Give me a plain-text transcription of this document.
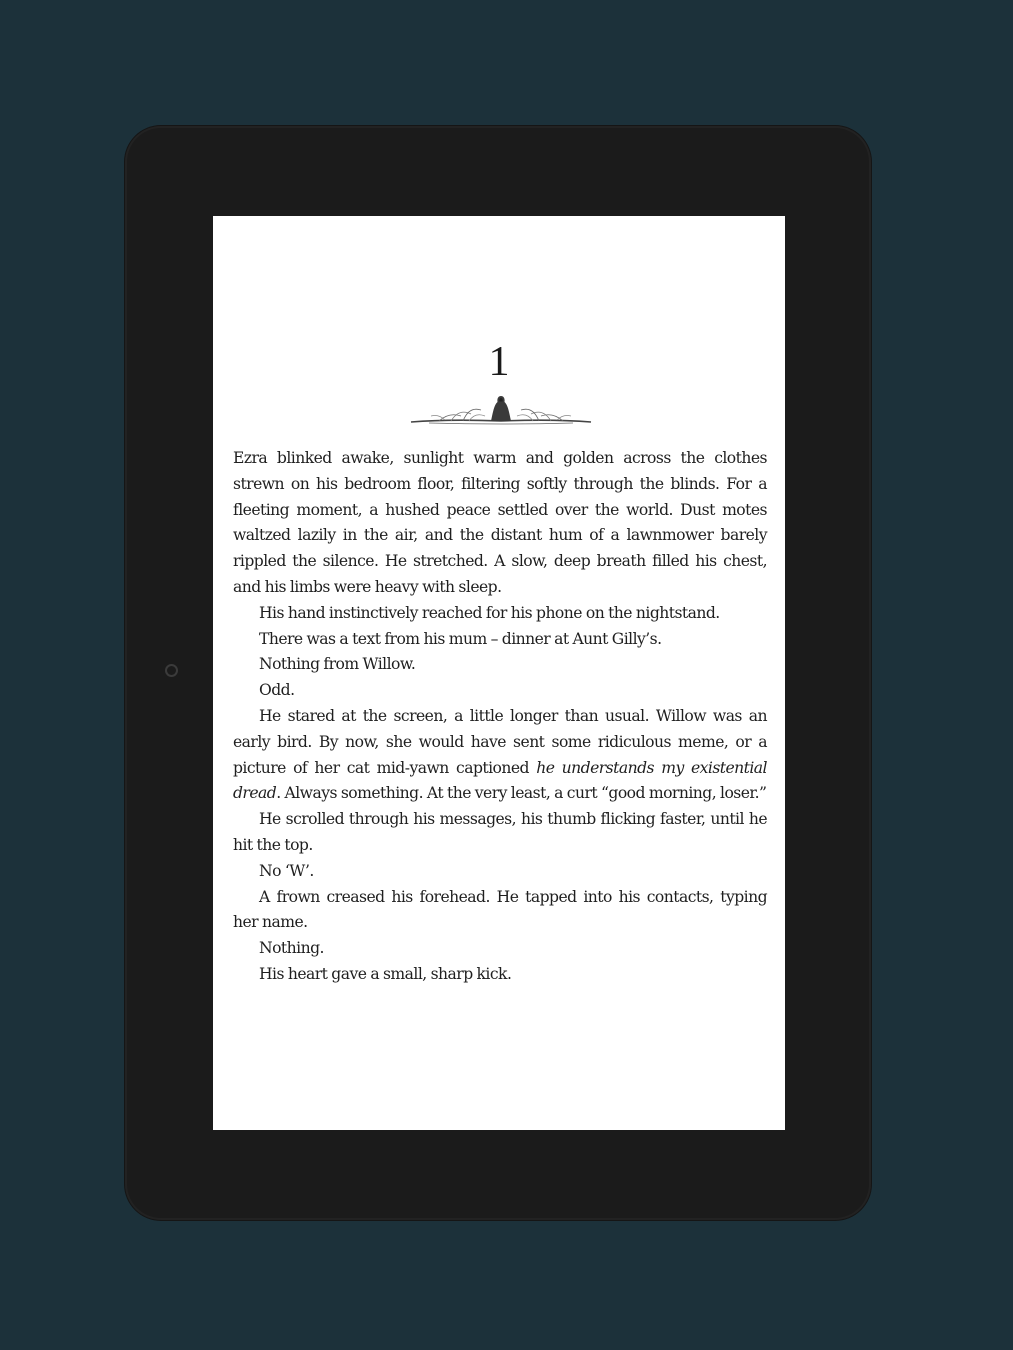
1

Ezra blinked awake, sunlight warm and golden across the clothes strewn on his bedroom floor, filtering softly through the blinds. For a fleeting moment, a hushed peace settled over the world. Dust motes waltzed lazily in the air, and the distant hum of a lawnmower barely rippled the silence. He stretched. A slow, deep breath filled his chest, and his limbs were heavy with sleep.

His hand instinctively reached for his phone on the nightstand.

There was a text from his mum – dinner at Aunt Gilly’s.

Nothing from Willow.

Odd.

He stared at the screen, a little longer than usual. Willow was an early bird. By now, she would have sent some ridiculous meme, or a picture of her cat mid-yawn captioned he understands my existential dread. Always something. At the very least, a curt “good morning, loser.”

He scrolled through his messages, his thumb flicking faster, until he hit the top.

No ‘W’.

A frown creased his forehead. He tapped into his contacts, typing her name.

Nothing.

His heart gave a small, sharp kick.
